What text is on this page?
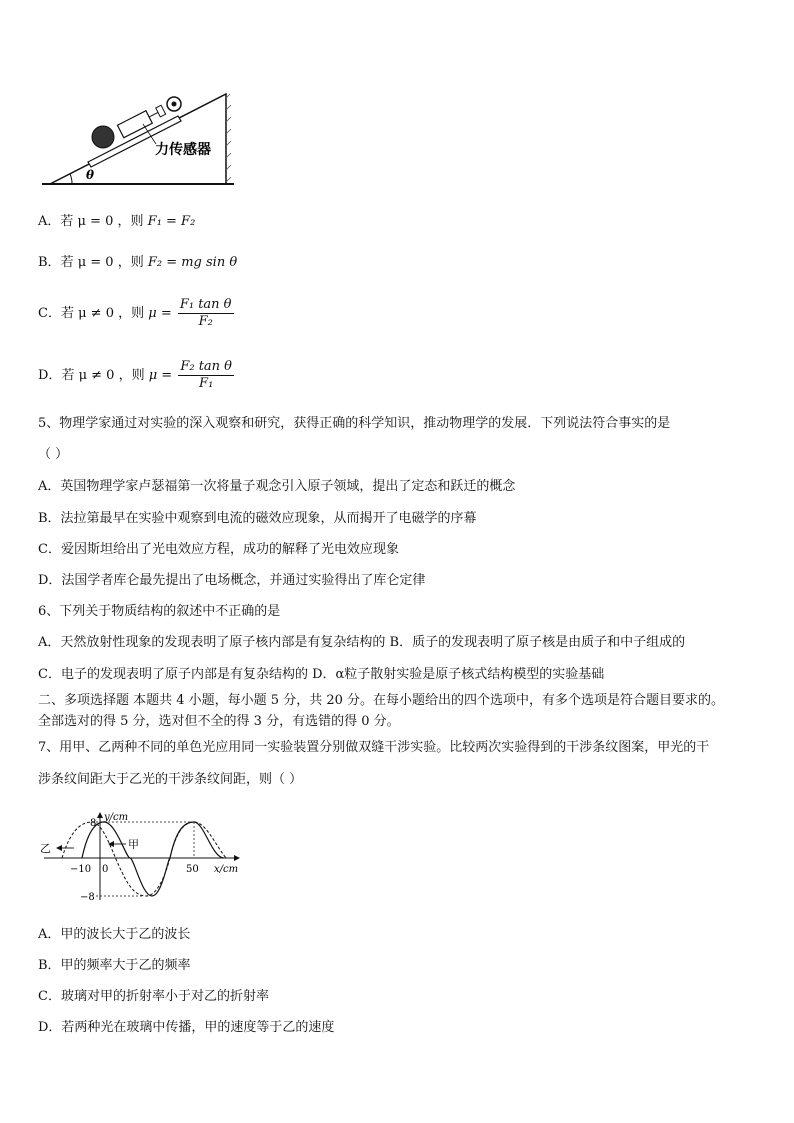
θ
力传感器
A．若 μ = 0 ，则 F₁ = F₂
B．若 μ = 0 ，则 F₂ = mg sin θ
C．若 μ ≠ 0 ，则 $\mu = \frac{\text{F₁ tan θ}}{\text{F₂}}$
D．若 μ ≠ 0 ，则 $\mu = \frac{\text{F₂ tan θ}}{\text{F₁}}$
5、物理学家通过对实验的深入观察和研究，获得正确的科学知识，推动物理学的发展．下列说法符合事实的是
（ ）
A．英国物理学家卢瑟福第一次将量子观念引入原子领域，提出了定态和跃迁的概念
B．法拉第最早在实验中观察到电流的磁效应现象，从而揭开了电磁学的序幕
C．爱因斯坦给出了光电效应方程，成功的解释了光电效应现象
D．法国学者库仑最先提出了电场概念，并通过实验得出了库仑定律
6、下列关于物质结构的叙述中不正确的是
A．天然放射性现象的发现表明了原子核内部是有复杂结构的 B．质子的发现表明了原子核是由质子和中子组成的
C．电子的发现表明了原子内部是有复杂结构的 D．α粒子散射实验是原子核式结构模型的实验基础
二、多项选择题 本题共 4 小题，每小题 5 分，共 20 分。在每小题给出的四个选项中，有多个选项是符合题目要求的。
全部选对的得 5 分，选对但不全的得 3 分，有选错的得 0 分。
7、用甲、乙两种不同的单色光应用同一实验装置分别做双缝干涉实验。比较两次实验得到的干涉条纹图案，甲光的干
涉条纹间距大于乙光的干涉条纹间距，则（ ）
y/cm
8
−8
−10 0	50 x/cm
甲
乙
A．甲的波长大于乙的波长
B．甲的频率大于乙的频率
C．玻璃对甲的折射率小于对乙的折射率
D．若两种光在玻璃中传播，甲的速度等于乙的速度
